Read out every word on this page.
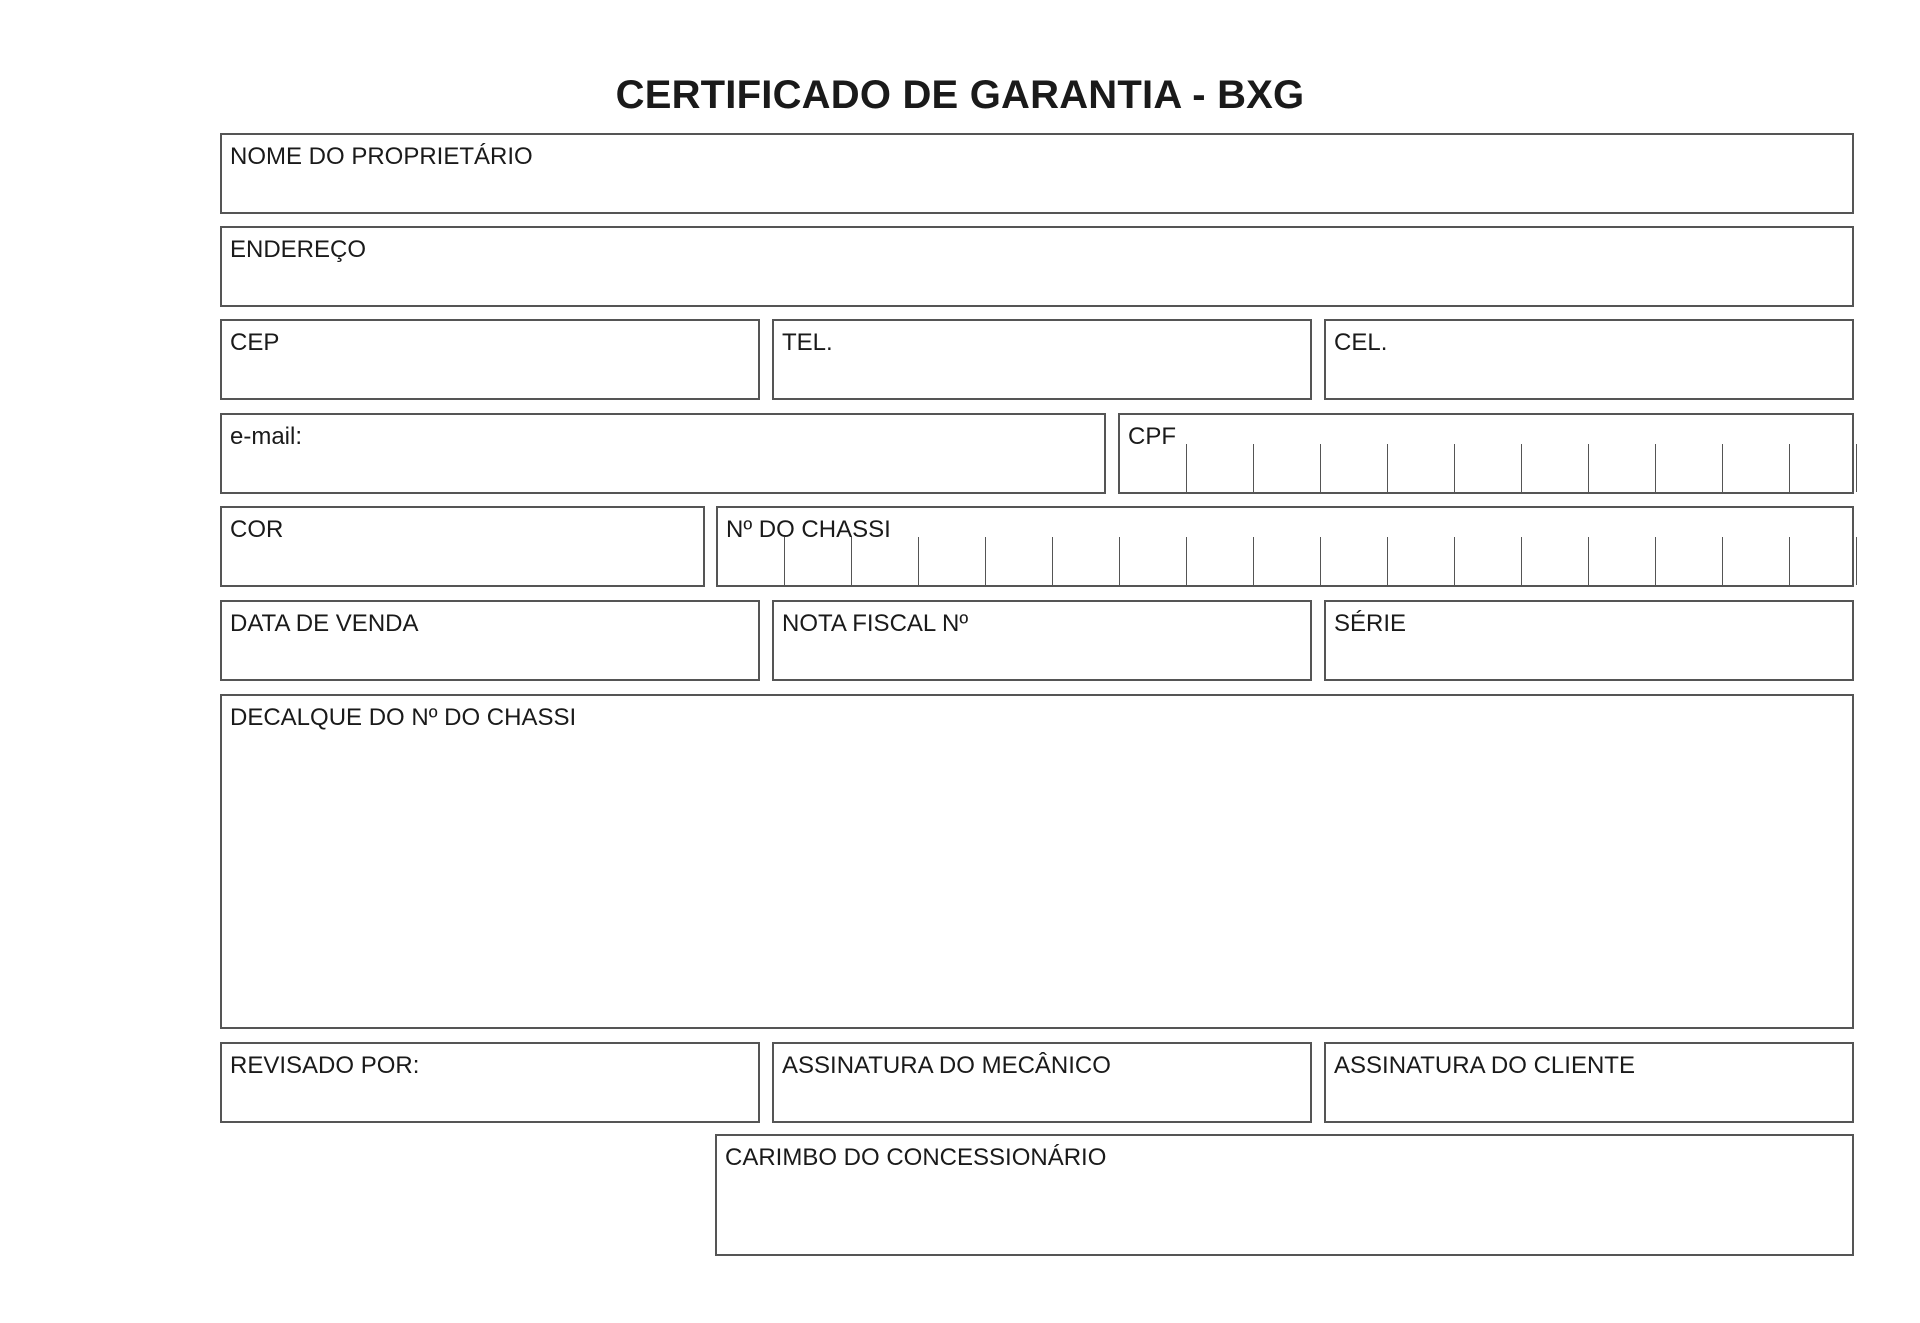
CERTIFICADO DE GARANTIA - BXG
NOME DO PROPRIETÁRIO
ENDEREÇO
CEP	TEL.	CEL.
e-mail:	CPF
COR	Nº DO CHASSI
DATA DE VENDA	NOTA FISCAL Nº	SÉRIE
DECALQUE DO Nº DO CHASSI
REVISADO POR:	ASSINATURA DO MECÂNICO	ASSINATURA DO CLIENTE
CARIMBO DO CONCESSIONÁRIO
